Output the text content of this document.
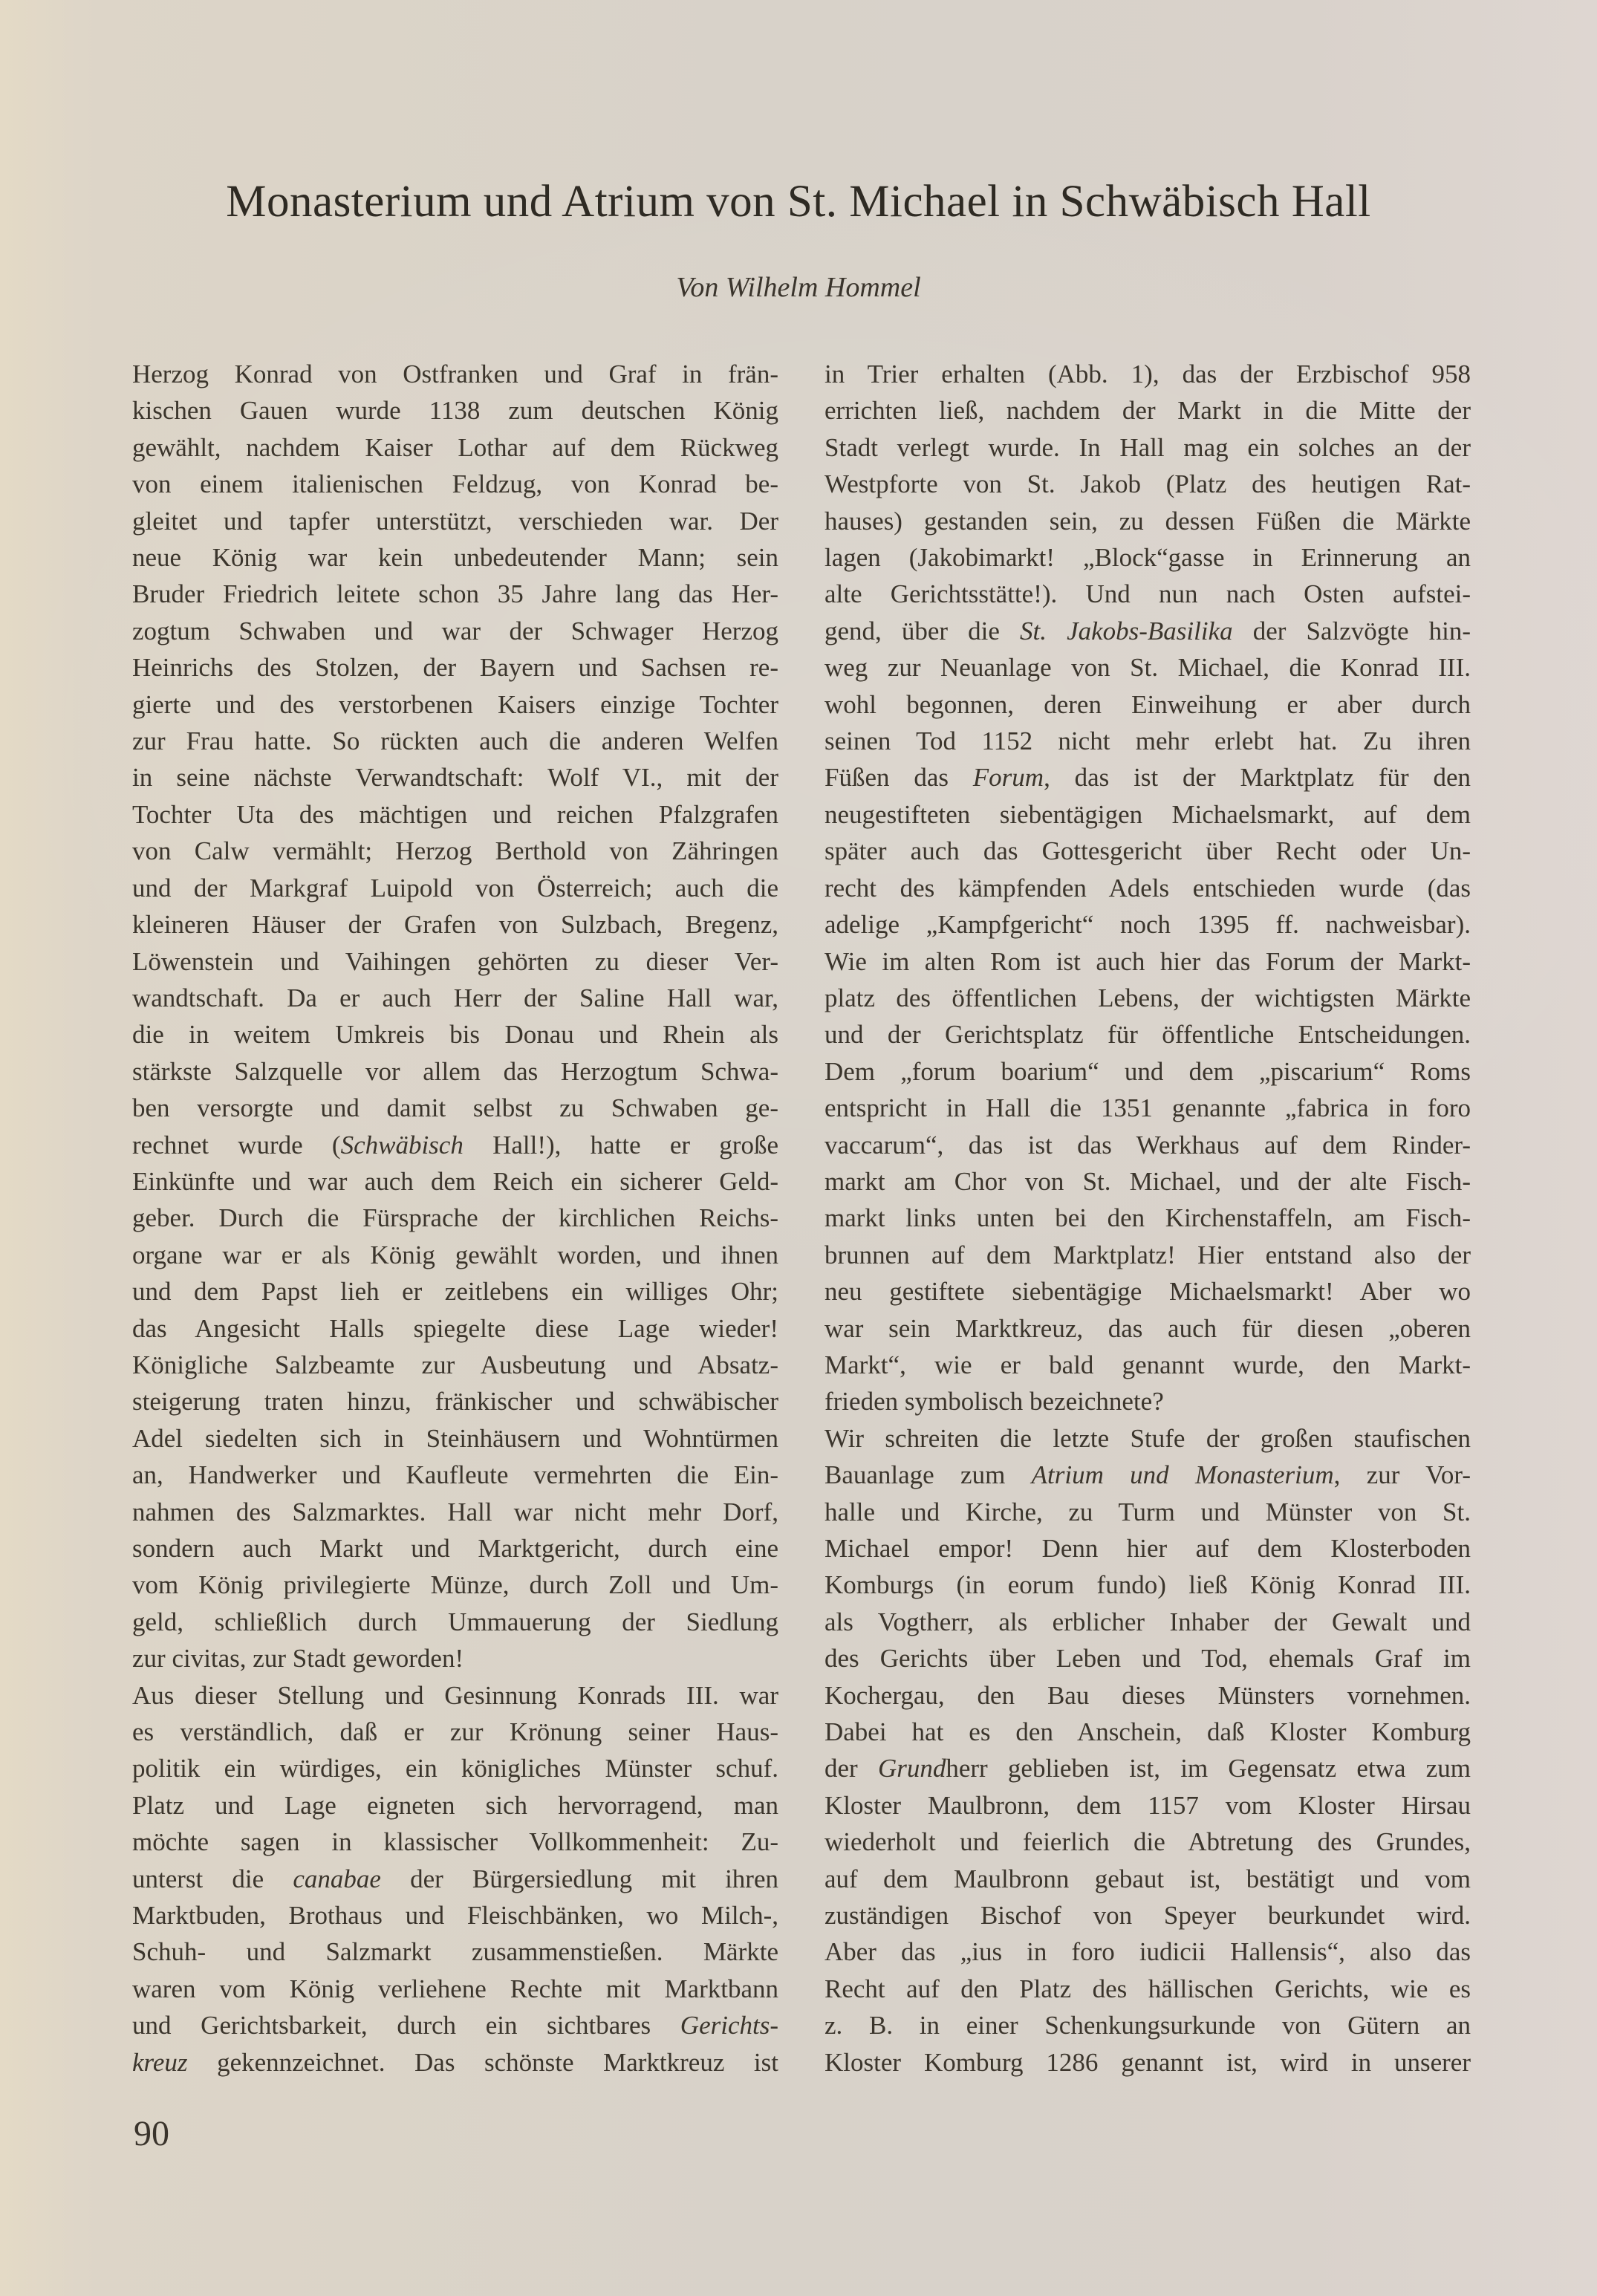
Monasterium und Atrium von St. Michael in Schwäbisch Hall
Von Wilhelm Hommel
Herzog Konrad von Ostfranken und Graf in frän-
kischen Gauen wurde 1138 zum deutschen König
gewählt, nachdem Kaiser Lothar auf dem Rückweg
von einem italienischen Feldzug, von Konrad be-
gleitet und tapfer unterstützt, verschieden war. Der
neue König war kein unbedeutender Mann; sein
Bruder Friedrich leitete schon 35 Jahre lang das Her-
zogtum Schwaben und war der Schwager Herzog
Heinrichs des Stolzen, der Bayern und Sachsen re-
gierte und des verstorbenen Kaisers einzige Tochter
zur Frau hatte. So rückten auch die anderen Welfen
in seine nächste Verwandtschaft: Wolf VI., mit der
Tochter Uta des mächtigen und reichen Pfalzgrafen
von Calw vermählt; Herzog Berthold von Zähringen
und der Markgraf Luipold von Österreich; auch die
kleineren Häuser der Grafen von Sulzbach, Bregenz,
Löwenstein und Vaihingen gehörten zu dieser Ver-
wandtschaft. Da er auch Herr der Saline Hall war,
die in weitem Umkreis bis Donau und Rhein als
stärkste Salzquelle vor allem das Herzogtum Schwa-
ben versorgte und damit selbst zu Schwaben ge-
rechnet wurde (Schwäbisch Hall!), hatte er große
Einkünfte und war auch dem Reich ein sicherer Geld-
geber. Durch die Fürsprache der kirchlichen Reichs-
organe war er als König gewählt worden, und ihnen
und dem Papst lieh er zeitlebens ein williges Ohr;
das Angesicht Halls spiegelte diese Lage wieder!
Königliche Salzbeamte zur Ausbeutung und Absatz-
steigerung traten hinzu, fränkischer und schwäbischer
Adel siedelten sich in Steinhäusern und Wohntürmen
an, Handwerker und Kaufleute vermehrten die Ein-
nahmen des Salzmarktes. Hall war nicht mehr Dorf,
sondern auch Markt und Marktgericht, durch eine
vom König privilegierte Münze, durch Zoll und Um-
geld, schließlich durch Ummauerung der Siedlung
zur civitas, zur Stadt geworden!
Aus dieser Stellung und Gesinnung Konrads III. war
es verständlich, daß er zur Krönung seiner Haus-
politik ein würdiges, ein königliches Münster schuf.
Platz und Lage eigneten sich hervorragend, man
möchte sagen in klassischer Vollkommenheit: Zu-
unterst die canabae der Bürgersiedlung mit ihren
Marktbuden, Brothaus und Fleischbänken, wo Milch-,
Schuh- und Salzmarkt zusammenstießen. Märkte
waren vom König verliehene Rechte mit Marktbann
und Gerichtsbarkeit, durch ein sichtbares Gerichts-
kreuz gekennzeichnet. Das schönste Marktkreuz ist
in Trier erhalten (Abb. 1), das der Erzbischof 958
errichten ließ, nachdem der Markt in die Mitte der
Stadt verlegt wurde. In Hall mag ein solches an der
Westpforte von St. Jakob (Platz des heutigen Rat-
hauses) gestanden sein, zu dessen Füßen die Märkte
lagen (Jakobimarkt! „Block“gasse in Erinnerung an
alte Gerichtsstätte!). Und nun nach Osten aufstei-
gend, über die St. Jakobs-Basilika der Salzvögte hin-
weg zur Neuanlage von St. Michael, die Konrad III.
wohl begonnen, deren Einweihung er aber durch
seinen Tod 1152 nicht mehr erlebt hat. Zu ihren
Füßen das Forum, das ist der Marktplatz für den
neugestifteten siebentägigen Michaelsmarkt, auf dem
später auch das Gottesgericht über Recht oder Un-
recht des kämpfenden Adels entschieden wurde (das
adelige „Kampfgericht“ noch 1395 ff. nachweisbar).
Wie im alten Rom ist auch hier das Forum der Markt-
platz des öffentlichen Lebens, der wichtigsten Märkte
und der Gerichtsplatz für öffentliche Entscheidungen.
Dem „forum boarium“ und dem „piscarium“ Roms
entspricht in Hall die 1351 genannte „fabrica in foro
vaccarum“, das ist das Werkhaus auf dem Rinder-
markt am Chor von St. Michael, und der alte Fisch-
markt links unten bei den Kirchenstaffeln, am Fisch-
brunnen auf dem Marktplatz! Hier entstand also der
neu gestiftete siebentägige Michaelsmarkt! Aber wo
war sein Marktkreuz, das auch für diesen „oberen
Markt“, wie er bald genannt wurde, den Markt-
frieden symbolisch bezeichnete?
Wir schreiten die letzte Stufe der großen staufischen
Bauanlage zum Atrium und Monasterium, zur Vor-
halle und Kirche, zu Turm und Münster von St.
Michael empor! Denn hier auf dem Klosterboden
Komburgs (in eorum fundo) ließ König Konrad III.
als Vogtherr, als erblicher Inhaber der Gewalt und
des Gerichts über Leben und Tod, ehemals Graf im
Kochergau, den Bau dieses Münsters vornehmen.
Dabei hat es den Anschein, daß Kloster Komburg
der Grundherr geblieben ist, im Gegensatz etwa zum
Kloster Maulbronn, dem 1157 vom Kloster Hirsau
wiederholt und feierlich die Abtretung des Grundes,
auf dem Maulbronn gebaut ist, bestätigt und vom
zuständigen Bischof von Speyer beurkundet wird.
Aber das „ius in foro iudicii Hallensis“, also das
Recht auf den Platz des hällischen Gerichts, wie es
z. B. in einer Schenkungsurkunde von Gütern an
Kloster Komburg 1286 genannt ist, wird in unserer
90
